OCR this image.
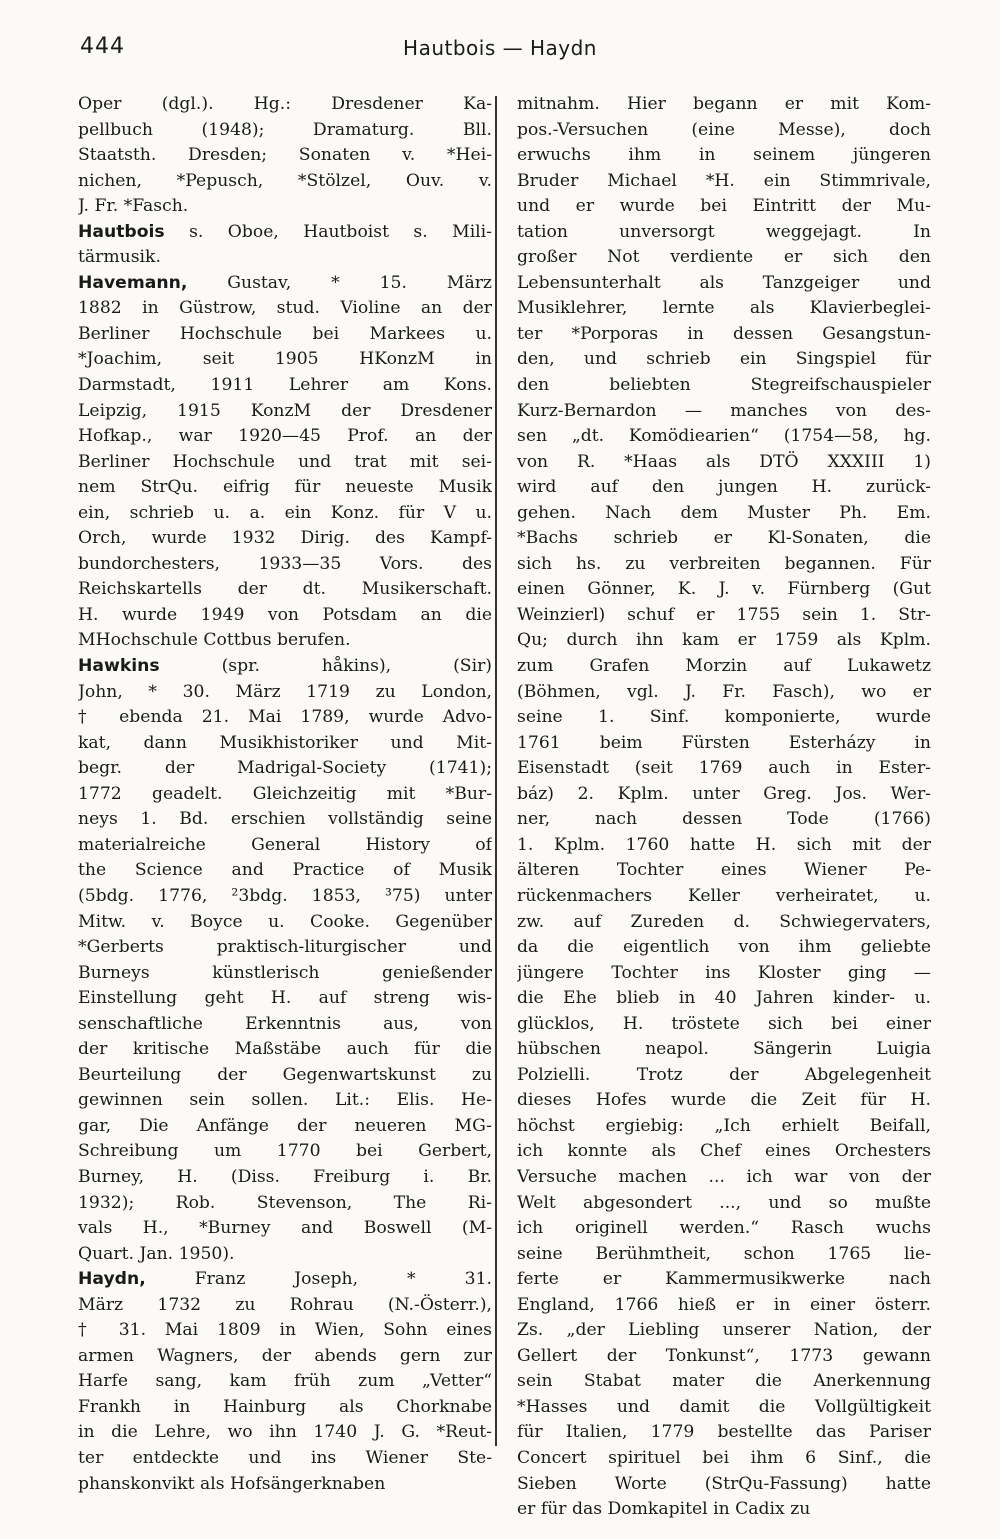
444	Hautbois — Haydn
Oper (dgl.). Hg.: Dresdener Ka-
pellbuch (1948); Dramaturg. Bll.
Staatsth. Dresden; Sonaten v. *Hei-
nichen, *Pepusch, *Stölzel, Ouv. v.
J. Fr. *Fasch.
Hautbois s. Oboe, Hautboist s. Mili-
tärmusik.
Havemann, Gustav, * 15. März
1882 in Güstrow, stud. Violine an der
Berliner Hochschule bei Markees u.
*Joachim, seit 1905 HKonzM in
Darmstadt, 1911 Lehrer am Kons.
Leipzig, 1915 KonzM der Dresdener
Hofkap., war 1920—45 Prof. an der
Berliner Hochschule und trat mit sei-
nem StrQu. eifrig für neueste Musik
ein, schrieb u. a. ein Konz. für V u.
Orch, wurde 1932 Dirig. des Kampf-
bundorchesters, 1933—35 Vors. des
Reichskartells der dt. Musikerschaft.
H. wurde 1949 von Potsdam an die
MHochschule Cottbus berufen.
Hawkins (spr. håkins), (Sir)
John, * 30. März 1719 zu London,
† ebenda 21. Mai 1789, wurde Advo-
kat, dann Musikhistoriker und Mit-
begr. der Madrigal-Society (1741);
1772 geadelt. Gleichzeitig mit *Bur-
neys 1. Bd. erschien vollständig seine
materialreiche General History of
the Science and Practice of Musik
(5bdg. 1776, ²3bdg. 1853, ³75) unter
Mitw. v. Boyce u. Cooke. Gegenüber
*Gerberts praktisch-liturgischer und
Burneys künstlerisch genießender
Einstellung geht H. auf streng wis-
senschaftliche Erkenntnis aus, von
der kritische Maßstäbe auch für die
Beurteilung der Gegenwartskunst zu
gewinnen sein sollen. Lit.: Elis. He-
gar, Die Anfänge der neueren MG-
Schreibung um 1770 bei Gerbert,
Burney, H. (Diss. Freiburg i. Br.
1932); Rob. Stevenson, The Ri-
vals H., *Burney and Boswell (M-
Quart. Jan. 1950).
Haydn, Franz Joseph, * 31.
März 1732 zu Rohrau (N.-Österr.),
† 31. Mai 1809 in Wien, Sohn eines
armen Wagners, der abends gern zur
Harfe sang, kam früh zum „Vetter“
Frankh in Hainburg als Chorknabe
in die Lehre, wo ihn 1740 J. G. *Reut-
ter entdeckte und ins Wiener Ste-
phanskonvikt als Hofsängerknaben
mitnahm. Hier begann er mit Kom-
pos.-Versuchen (eine Messe), doch
erwuchs ihm in seinem jüngeren
Bruder Michael *H. ein Stimmrivale,
und er wurde bei Eintritt der Mu-
tation unversorgt weggejagt. In
großer Not verdiente er sich den
Lebensunterhalt als Tanzgeiger und
Musiklehrer, lernte als Klavierbeglei-
ter *Porporas in dessen Gesangstun-
den, und schrieb ein Singspiel für
den beliebten Stegreifschauspieler
Kurz-Bernardon — manches von des-
sen „dt. Komödiearien“ (1754—58, hg.
von R. *Haas als DTÖ XXXIII 1)
wird auf den jungen H. zurück-
gehen. Nach dem Muster Ph. Em.
*Bachs schrieb er Kl-Sonaten, die
sich hs. zu verbreiten begannen. Für
einen Gönner, K. J. v. Fürnberg (Gut
Weinzierl) schuf er 1755 sein 1. Str-
Qu; durch ihn kam er 1759 als Kplm.
zum Grafen Morzin auf Lukawetz
(Böhmen, vgl. J. Fr. Fasch), wo er
seine 1. Sinf. komponierte, wurde
1761 beim Fürsten Esterházy in
Eisenstadt (seit 1769 auch in Ester-
báz) 2. Kplm. unter Greg. Jos. Wer-
ner, nach dessen Tode (1766)
1. Kplm. 1760 hatte H. sich mit der
älteren Tochter eines Wiener Pe-
rückenmachers Keller verheiratet, u.
zw. auf Zureden d. Schwiegervaters,
da die eigentlich von ihm geliebte
jüngere Tochter ins Kloster ging —
die Ehe blieb in 40 Jahren kinder- u.
glücklos, H. tröstete sich bei einer
hübschen neapol. Sängerin Luigia
Polzielli. Trotz der Abgelegenheit
dieses Hofes wurde die Zeit für H.
höchst ergiebig: „Ich erhielt Beifall,
ich konnte als Chef eines Orchesters
Versuche machen ... ich war von der
Welt abgesondert ..., und so mußte
ich originell werden.“ Rasch wuchs
seine Berühmtheit, schon 1765 lie-
ferte er Kammermusikwerke nach
England, 1766 hieß er in einer österr.
Zs. „der Liebling unserer Nation, der
Gellert der Tonkunst“, 1773 gewann
sein Stabat mater die Anerkennung
*Hasses und damit die Vollgültigkeit
für Italien, 1779 bestellte das Pariser
Concert spirituel bei ihm 6 Sinf., die
Sieben Worte (StrQu-Fassung) hatte
er für das Domkapitel in Cadix zu
